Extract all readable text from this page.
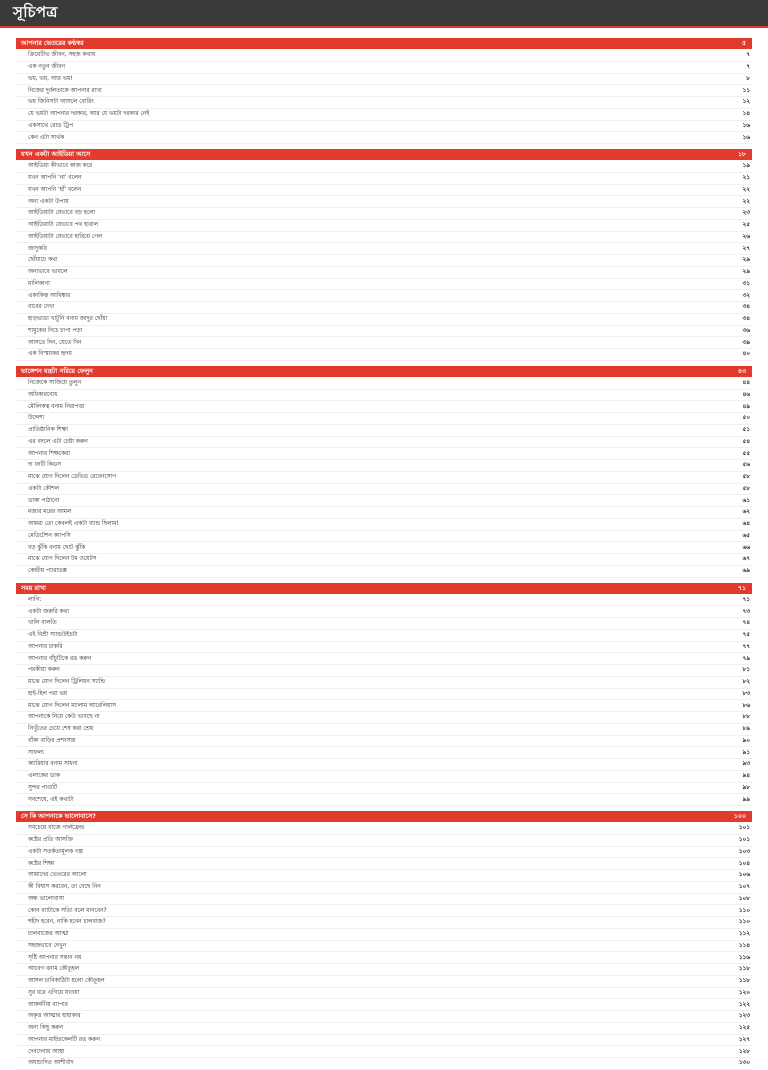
সূচিপত্র
আপনার ভেতরের কণ্ঠস্বর	৫
ক্রিয়েটিভ জীবন, সহজ কথায়	৭
এক নতুন জীবন	৭
ভয়, ভয়, আর ভয়!	৮
নিজের দুর্বলতাকে আপনার রাখা	১১
ভয় জিনিসটা আসলে বোরিং	১২
যে ভয়টা আপনার দরকার, আর যে ভয়টা দরকার নেই	১৪
একসাথে রোড ট্রিপ	১৬
কেন এটা সার্থক	১৬
যখন একটা আইডিয়া আসে	১৮
আইডিয়া কীভাবে কাজ করে	১৯
যখন আপনি 'না' বলেন	২১
যখন আপনি 'হাঁ' বলেন	২২
অন্য একটা উপায়	২২
আইডিয়াটা যেভাবে বড় হলো	২৩
আইডিয়াটা যেভাবে পথ হারাল	২৫
আইডিয়াটা যেভাবে হারিয়ে গেল	২৬
জাদুকরি	২৭
ছোঁয়াচে কথা	২৯
অন্যভাবে ভাবলে	২৯
মালিকানা	৩১
একাকিত্ব আবিষ্কার	৩২
বাবের দেখা	৩৪
হাড়ভাঙা খাটুনি বনাম জাদুর ছোঁয়া	৩৪
শামুকের নিচে চাপা পড়া	৩৬
আসতে দিন, যেতে দিন	৩৯
এক বিস্ময়কর হৃদয়	৪০
ভাঙ্গেশন যন্ত্রটা সরিয়ে ফেলুন	৪৩
নিজেকে সাজিয়ে তুলুন	৪৪
অধিকারবোধ	৪৬
মৌলিকত্ব বনাম নিরাপত্তা	৪৯
উদ্দেশ্য	৫০
প্রাতিষ্ঠানিক শিক্ষা	৫১
এর বদলে এটা চেষ্টা করুন	৫৪
আপনার শিক্ষকেরা	৫৫
দা ফাটি কিডস	৫৬
মাঝে যোগ দিলেন ডেভিড রেবেনসোগ	৫৮
একটা কৌশল	৫৮
ডাকা পাঠানো	৬১
মজার মরের আমল	৬২
আমরা তো কেবলই একটা ব্যান্ড ছিলাম!	৬৪
মেডিটেশন ক্যাপসি	৬৫
বড় ঝুঁকি বনাম ছোট ঝুঁকি	৬৬
মাঝে যোগ দিলেন টম ওয়েটস	৬৭
কেন্দ্রীয় প্যারাডক্স	৬৯
সময় রাখা	৭১
লাগি:	৭১
একটা জরুরি কথা	৭৩
খালি বালতি	৭৪
এই বিশ্রী স্যান্ডউইচটা	৭৫
আপনার চাকরি	৭৭
আপনার বাঁচুটিকে রঙ করুন	৭৯
পরকীয়া করুন	৮১
মাঝে যোগ দিলেন ট্রিলিয়ন স্যান্ডি	৮২
হাই-হিল পরা ভয়	৮৩
মাঝে যোগ দিলেন ম্যালাম আরেলিয়াস	৮৬
আপনাকে নিয়ে কেউ ভাবছে না	৮৮
নিখুঁতের চেয়ে শেষ করা শ্রেয়	৮৯
বাঁকা বাড়ির প্রশংসায়	৯০
সাফল্য	৯১
ক্যারিয়ার বনাম সাধনা	৯৩
এলাকের ডাক	৯৪
সুন্দর পাগুটি	৯৮
সবশেষে, এই কথাটা	৯৯
সে কি আপনাকে ভালোবাসে?	১০০
সবচেয়ে বাজে গার্লফ্রেন্ড	১০১
কষ্টের প্রতি আসক্তি	১০১
একটা সতর্কতামূলক গল্প	১০৩
কষ্টের শিক্ষা	১০৪
আমাদের ভেতরের আলো	১০৬
কী বিশ্বাস করবেন, তা বেছে নিন	১০৭
অন্ধ ভালোবাসা	১০৮
কোন ব্যাটাকে সত্যি বলে মানবেন?	১১০
শহীদ হবেন, নাকি হবেন চালবাজ?	১১০
চালবাজের আত্মা	১১২
সহজভাবে দেখুন	১১৪
সৃষ্টি আপনার সন্তান নয়	১১৬
আবেগ বনাম কৌতূহল	১১৮
আসল চাবিকাঠিটা হলো কৌতূহল	১১৮
সুর ধরে এগিয়ে যাওয়া	১২০
আকর্ষণীয় ব্যাপার	১২২
অকৃত্ত আত্মার হাহাকার	১২৩
অন্য কিছু করুন	১২৫
আপনার মাইন্ডকেলটি রঙ করুন	১২৭
দেবদেবায় আস্থা	১২৮
অযাচাদিত আশীর্বাদ	১৩০
